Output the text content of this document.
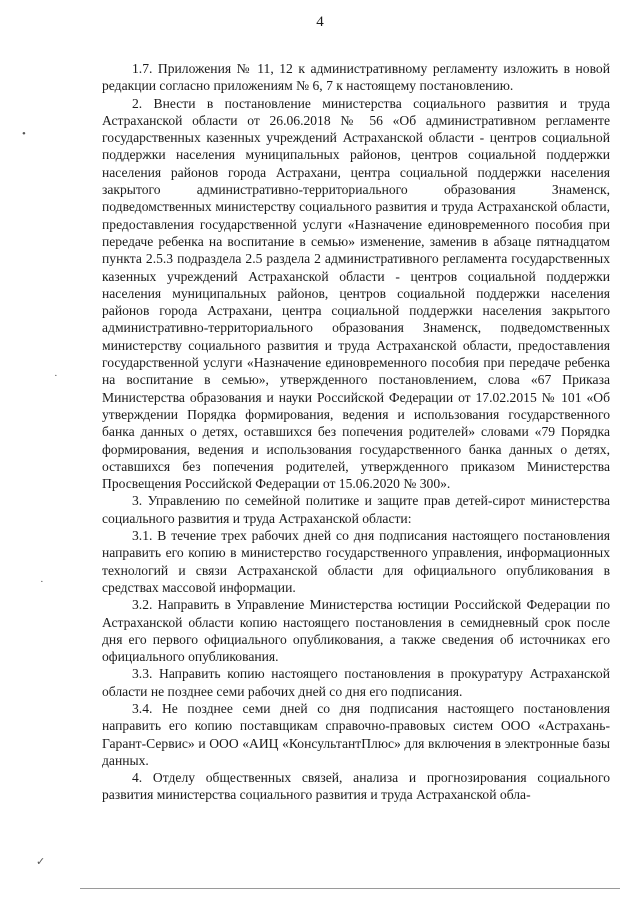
4

1.7. Приложения № 11, 12 к административному регламенту изложить в новой редакции согласно приложениям № 6, 7 к настоящему постановлению.

2. Внести в постановление министерства социального развития и труда Астраханской области от 26.06.2018 № 56 «Об административном регламенте государственных казенных учреждений Астраханской области - центров социальной поддержки населения муниципальных районов, центров социальной поддержки населения районов города Астрахани, центра социальной поддержки населения закрытого административно-территориального образования Знаменск, подведомственных министерству социального развития и труда Астраханской области, предоставления государственной услуги «Назначение единовременного пособия при передаче ребенка на воспитание в семью» изменение, заменив в абзаце пятнадцатом пункта 2.5.3 подраздела 2.5 раздела 2 административного регламента государственных казенных учреждений Астраханской области - центров социальной поддержки населения муниципальных районов, центров социальной поддержки населения районов города Астрахани, центра социальной поддержки населения закрытого административно-территориального образования Знаменск, подведомственных министерству социального развития и труда Астраханской области, предоставления государственной услуги «Назначение единовременного пособия при передаче ребенка на воспитание в семью», утвержденного постановлением, слова «67 Приказа Министерства образования и науки Российской Федерации от 17.02.2015 № 101 «Об утверждении Порядка формирования, ведения и использования государственного банка данных о детях, оставшихся без попечения родителей» словами «79 Порядка формирования, ведения и использования государственного банка данных о детях, оставшихся без попечения родителей, утвержденного приказом Министерства Просвещения Российской Федерации от 15.06.2020 № 300».

3. Управлению по семейной политике и защите прав детей-сирот министерства социального развития и труда Астраханской области:

3.1. В течение трех рабочих дней со дня подписания настоящего постановления направить его копию в министерство государственного управления, информационных технологий и связи Астраханской области для официального опубликования в средствах массовой информации.

3.2. Направить в Управление Министерства юстиции Российской Федерации по Астраханской области копию настоящего постановления в семидневный срок после дня его первого официального опубликования, а также сведения об источниках его официального опубликования.

3.3. Направить копию настоящего постановления в прокуратуру Астраханской области не позднее семи рабочих дней со дня его подписания.

3.4. Не позднее семи дней со дня подписания настоящего постановления направить его копию поставщикам справочно-правовых систем ООО «Астрахань-Гарант-Сервис» и ООО «АИЦ «КонсультантПлюс» для включения в электронные базы данных.

4. Отделу общественных связей, анализа и прогнозирования социального развития министерства социального развития и труда Астраханской обла-

•
·
·
✓
